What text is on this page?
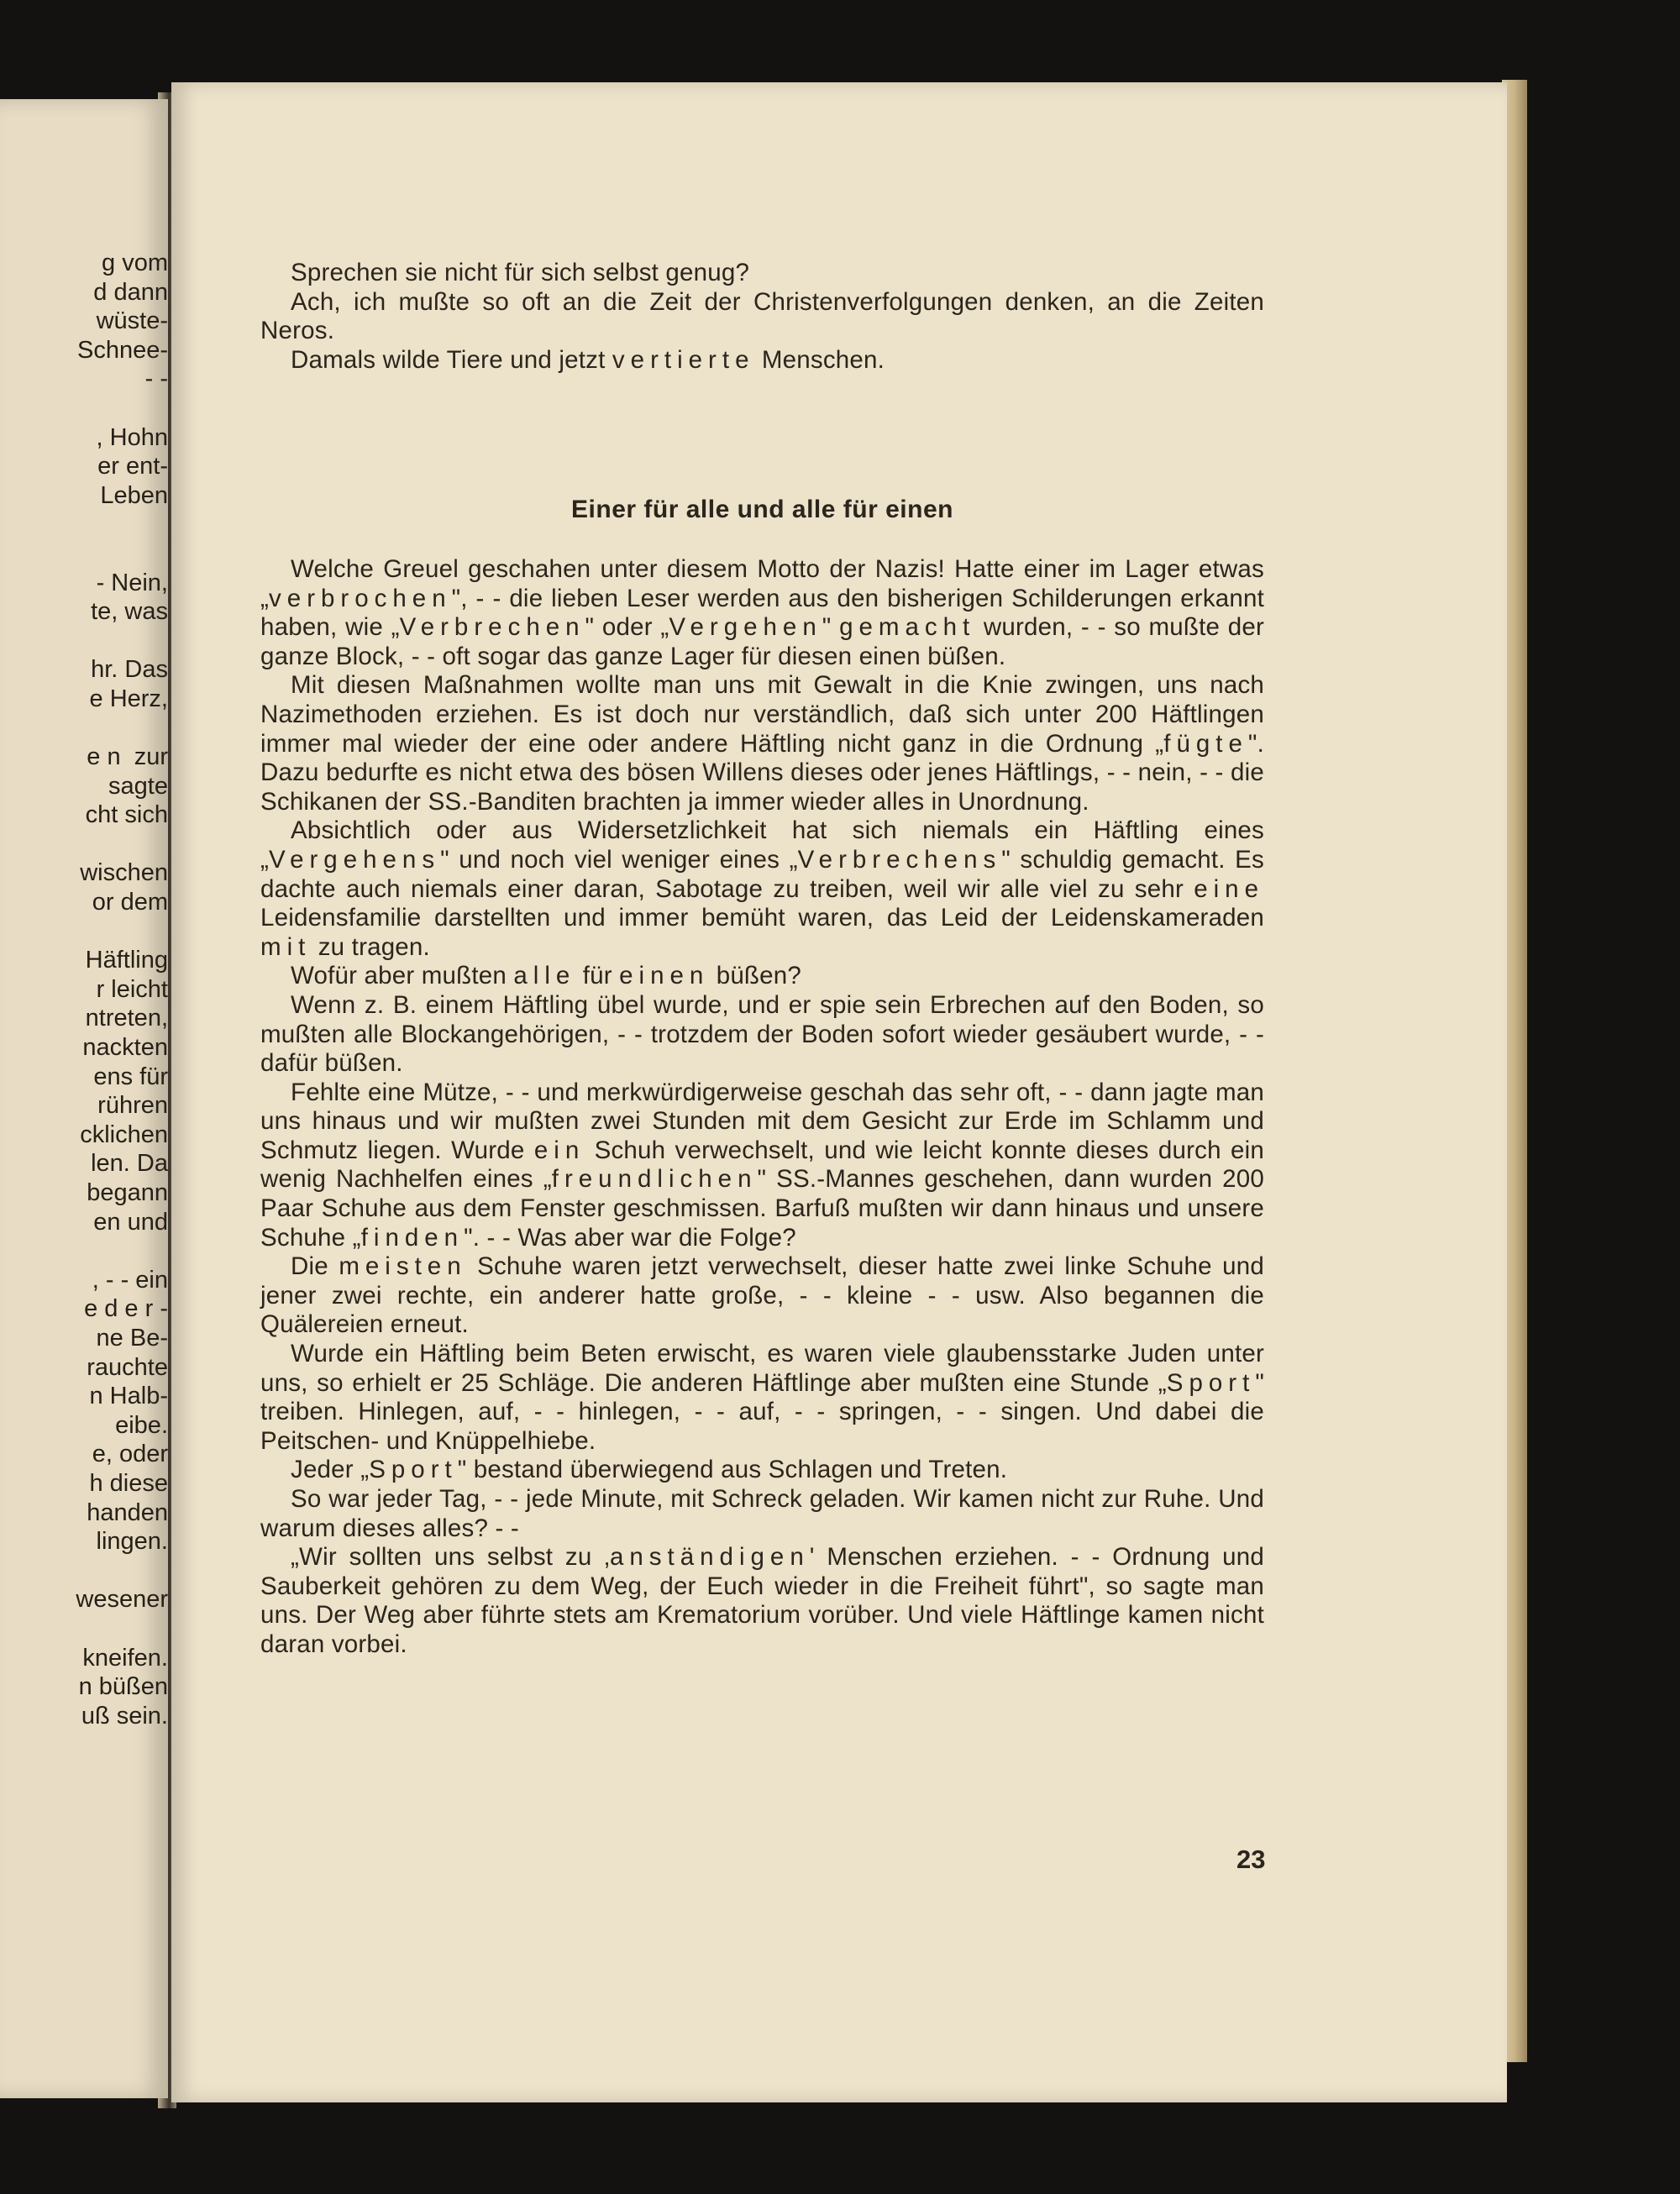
g vom
d dann
wüste-
Schnee-
- -
, Hohn
er ent-
Leben
- Nein,
te, was
hr. Das
e Herz,
e n  zur
sagte
cht sich
wischen
or dem
Häftling
r leicht
ntreten,
nackten
ens für
rühren
cklichen
len. Da
begann
en und
, - - ein
e d e r -
ne Be-
rauchte
n Halb-
eibe.
e, oder
h diese
handen
lingen.
wesener
kneifen.
n büßen
uß sein.

Sprechen sie nicht für sich selbst genug?

Ach, ich mußte so oft an die Zeit der Christenverfolgungen denken, an die Zeiten Neros.

Damals wilde Tiere und jetzt vertierte Menschen.

Einer für alle und alle für einen

Welche Greuel geschahen unter diesem Motto der Nazis! Hatte einer im Lager etwas „verbrochen", - - die lieben Leser werden aus den bisherigen Schilderungen erkannt haben, wie „Verbrechen" oder „Vergehen" gemacht wurden, - - so mußte der ganze Block, - - oft sogar das ganze Lager für diesen einen büßen.

Mit diesen Maßnahmen wollte man uns mit Gewalt in die Knie zwingen, uns nach Nazimethoden erziehen. Es ist doch nur verständlich, daß sich unter 200 Häftlingen immer mal wieder der eine oder andere Häftling nicht ganz in die Ordnung „fügte". Dazu bedurfte es nicht etwa des bösen Willens dieses oder jenes Häftlings, - - nein, - - die Schikanen der SS.-Banditen brachten ja immer wieder alles in Unordnung.

Absichtlich oder aus Widersetzlichkeit hat sich niemals ein Häftling eines „Vergehens" und noch viel weniger eines „Verbrechens" schuldig gemacht. Es dachte auch niemals einer daran, Sabotage zu treiben, weil wir alle viel zu sehr eine Leidensfamilie darstellten und immer bemüht waren, das Leid der Leidenskameraden mit zu tragen.

Wofür aber mußten alle für einen büßen?

Wenn z. B. einem Häftling übel wurde, und er spie sein Erbrechen auf den Boden, so mußten alle Blockangehörigen, - - trotzdem der Boden sofort wieder gesäubert wurde, - - dafür büßen.

Fehlte eine Mütze, - - und merkwürdigerweise geschah das sehr oft, - - dann jagte man uns hinaus und wir mußten zwei Stunden mit dem Gesicht zur Erde im Schlamm und Schmutz liegen. Wurde ein Schuh verwechselt, und wie leicht konnte dieses durch ein wenig Nachhelfen eines „freundlichen" SS.-Mannes geschehen, dann wurden 200 Paar Schuhe aus dem Fenster geschmissen. Barfuß mußten wir dann hinaus und unsere Schuhe „finden". - - Was aber war die Folge?

Die meisten Schuhe waren jetzt verwechselt, dieser hatte zwei linke Schuhe und jener zwei rechte, ein anderer hatte große, - - kleine - - usw. Also begannen die Quälereien erneut.

Wurde ein Häftling beim Beten erwischt, es waren viele glaubensstarke Juden unter uns, so erhielt er 25 Schläge. Die anderen Häftlinge aber mußten eine Stunde „Sport" treiben. Hinlegen, auf, - - hinlegen, - - auf, - - springen, - - singen. Und dabei die Peitschen- und Knüppelhiebe.

Jeder „Sport" bestand überwiegend aus Schlagen und Treten.

So war jeder Tag, - - jede Minute, mit Schreck geladen. Wir kamen nicht zur Ruhe. Und warum dieses alles? - -

„Wir sollten uns selbst zu ‚anständigen' Menschen erziehen. - - Ordnung und Sauberkeit gehören zu dem Weg, der Euch wieder in die Freiheit führt", so sagte man uns. Der Weg aber führte stets am Krematorium vorüber. Und viele Häftlinge kamen nicht daran vorbei.

23
